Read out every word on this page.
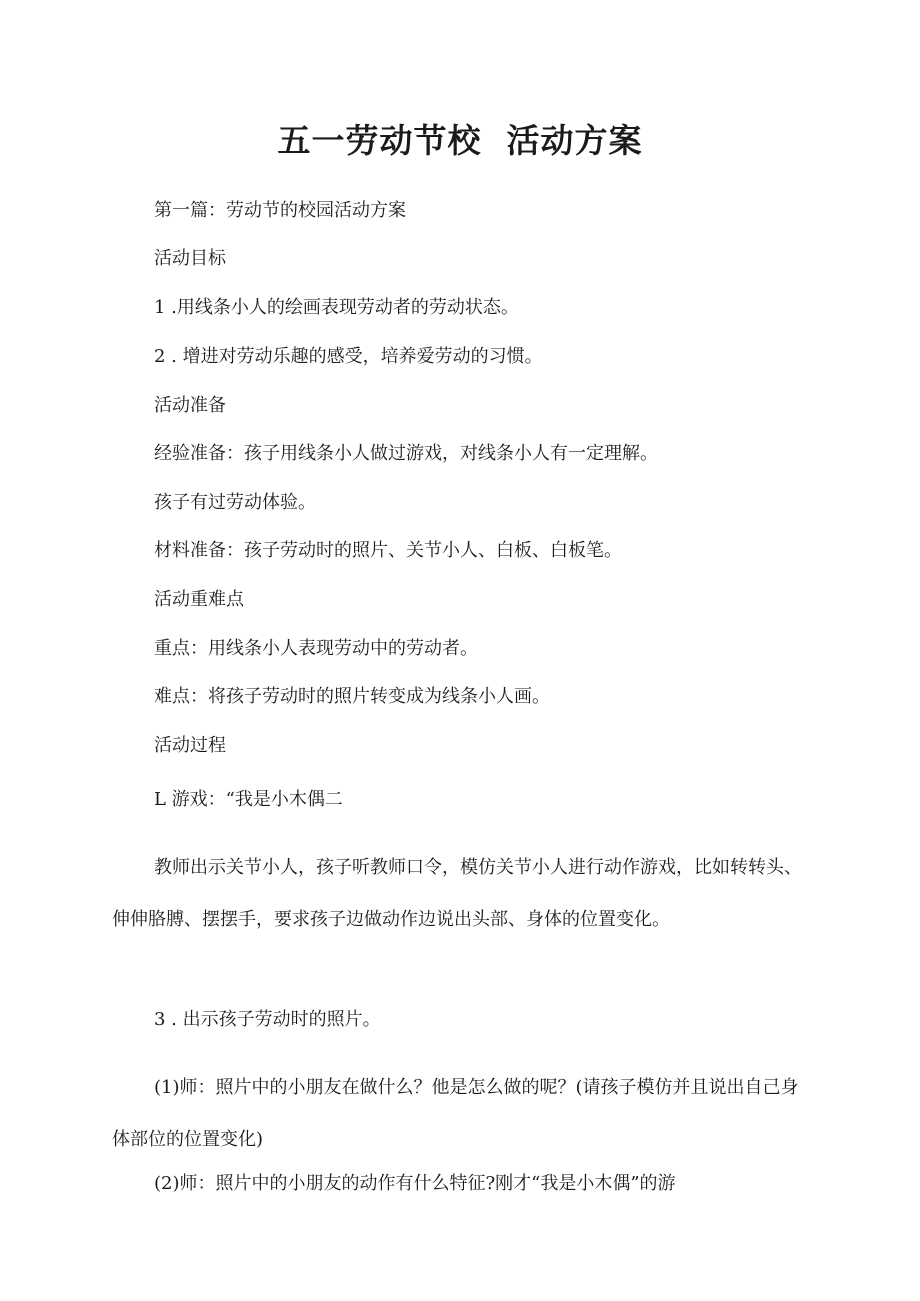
五一劳动节校  活动方案

第一篇：劳动节的校园活动方案

活动目标

1 .用线条小人的绘画表现劳动者的劳动状态。

2 . 增进对劳动乐趣的感受，培养爱劳动的习惯。

活动准备

经验准备：孩子用线条小人做过游戏，对线条小人有一定理解。

孩子有过劳动体验。

材料准备：孩子劳动时的照片、关节小人、白板、白板笔。

活动重难点

重点：用线条小人表现劳动中的劳动者。

难点：将孩子劳动时的照片转变成为线条小人画。

活动过程

L 游戏：“我是小木偶二

教师出示关节小人，孩子听教师口令，模仿关节小人进行动作游戏，比如转转头、伸伸胳膊、摆摆手，要求孩子边做动作边说出头部、身体的位置变化。

3 . 出示孩子劳动时的照片。

(1)师：照片中的小朋友在做什么？他是怎么做的呢？(请孩子模仿并且说出自己身体部位的位置变化)

(2)师：照片中的小朋友的动作有什么特征?刚才“我是小木偶”的游
